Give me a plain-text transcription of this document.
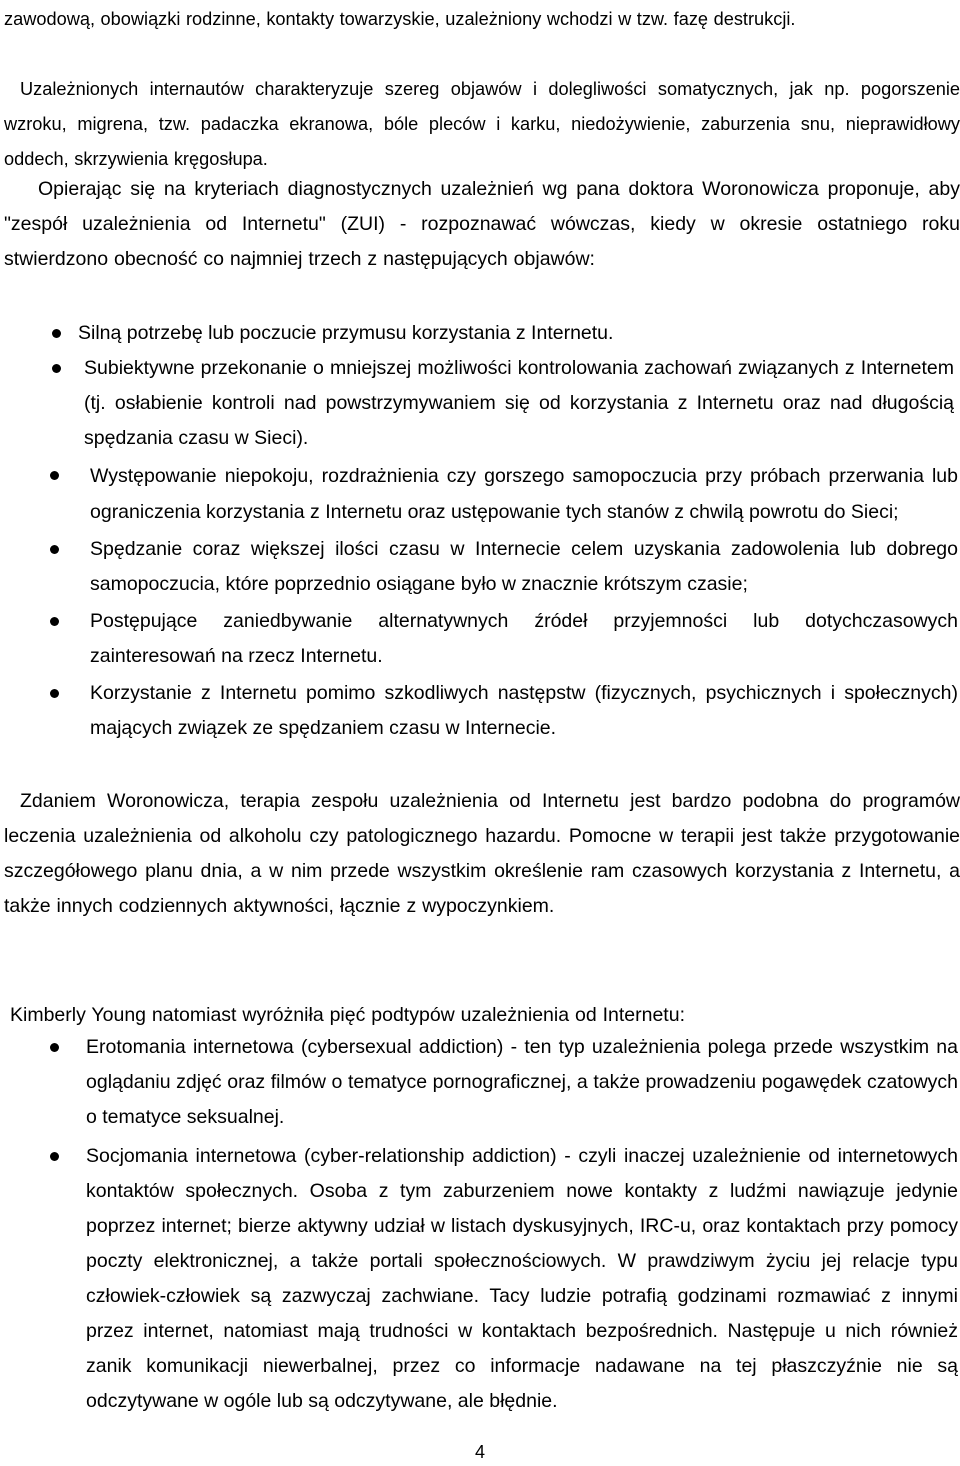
zawodową, obowiązki rodzinne, kontakty towarzyskie, uzależniony wchodzi w tzw. fazę destrukcji.
Uzależnionych internautów charakteryzuje szereg objawów i dolegliwości somatycznych, jak np. pogorszenie wzroku, migrena, tzw. padaczka ekranowa, bóle pleców i karku, niedożywienie, zaburzenia snu, nieprawidłowy oddech, skrzywienia kręgosłupa.
Opierając się na kryteriach diagnostycznych uzależnień wg pana doktora Woronowicza proponuje, aby "zespół uzależnienia od Internetu" (ZUI) - rozpoznawać wówczas, kiedy w okresie ostatniego roku stwierdzono obecność co najmniej trzech z następujących objawów:
Silną potrzebę lub poczucie przymusu korzystania z Internetu.
Subiektywne przekonanie o mniejszej możliwości kontrolowania zachowań związanych z Internetem (tj. osłabienie kontroli nad powstrzymywaniem się od korzystania z Internetu oraz nad długością spędzania czasu w Sieci).
Występowanie niepokoju, rozdrażnienia czy gorszego samopoczucia przy próbach przerwania lub ograniczenia korzystania z Internetu oraz ustępowanie tych stanów z chwilą powrotu do Sieci;
Spędzanie coraz większej ilości czasu w Internecie celem uzyskania zadowolenia lub dobrego samopoczucia, które poprzednio osiągane było w znacznie krótszym czasie;
Postępujące zaniedbywanie alternatywnych źródeł przyjemności lub dotychczasowych zainteresowań na rzecz Internetu.
Korzystanie z Internetu pomimo szkodliwych następstw (fizycznych, psychicznych i społecznych) mających związek ze spędzaniem czasu w Internecie.
Zdaniem Woronowicza, terapia zespołu uzależnienia od Internetu jest bardzo podobna do programów leczenia uzależnienia od alkoholu czy patologicznego hazardu. Pomocne w terapii jest także przygotowanie szczegółowego planu dnia, a w nim przede wszystkim określenie ram czasowych korzystania z Internetu, a także innych codziennych aktywności, łącznie z wypoczynkiem.
Kimberly Young natomiast wyróżniła pięć podtypów uzależnienia od Internetu:
Erotomania internetowa (cybersexual addiction) - ten typ uzależnienia polega przede wszystkim na oglądaniu zdjęć oraz filmów o tematyce pornograficznej, a także prowadzeniu pogawędek czatowych o tematyce seksualnej.
Socjomania internetowa (cyber-relationship addiction) - czyli inaczej uzależnienie od internetowych kontaktów społecznych. Osoba z tym zaburzeniem nowe kontakty z ludźmi nawiązuje jedynie poprzez internet; bierze aktywny udział w listach dyskusyjnych, IRC-u, oraz kontaktach przy pomocy poczty elektronicznej, a także portali społecznościowych. W prawdziwym życiu jej relacje typu człowiek-człowiek są zazwyczaj zachwiane. Tacy ludzie potrafią godzinami rozmawiać z innymi przez internet, natomiast mają trudności w kontaktach bezpośrednich. Następuje u nich również zanik komunikacji niewerbalnej, przez co informacje nadawane na tej płaszczyźnie nie są odczytywane w ogóle lub są odczytywane, ale błędnie.
4
